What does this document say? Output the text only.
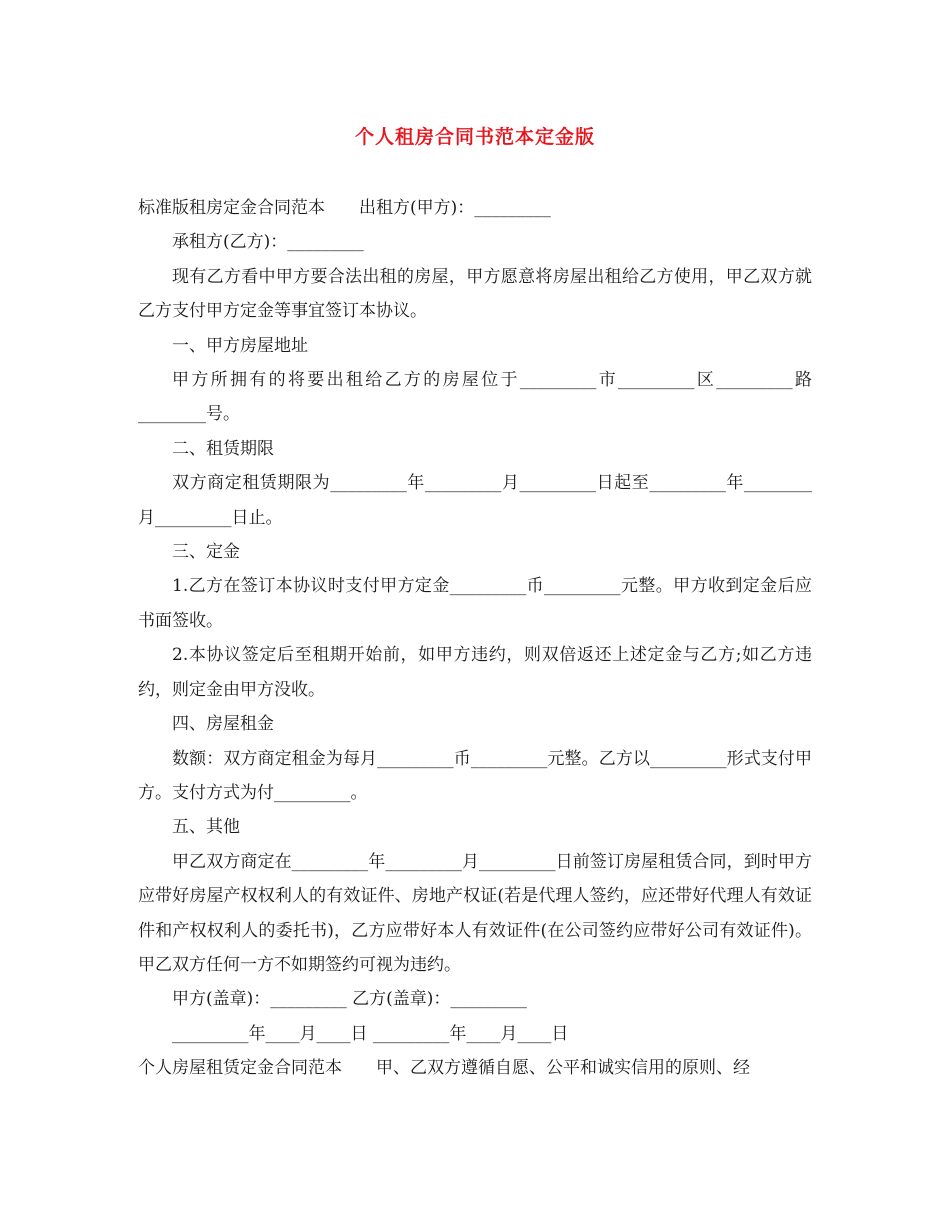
个人租房合同书范本定金版

标准版租房定金合同范本　　出租方(甲方)：_________

承租方(乙方)：_________

现有乙方看中甲方要合法出租的房屋，甲方愿意将房屋出租给乙方使用，甲乙双方就乙方支付甲方定金等事宜签订本协议。

一、甲方房屋地址

甲方所拥有的将要出租给乙方的房屋位于_________市_________区_________路________号。

二、租赁期限

双方商定租赁期限为_________年_________月_________日起至_________年________月_________日止。

三、定金

1.乙方在签订本协议时支付甲方定金_________币_________元整。甲方收到定金后应书面签收。

2.本协议签定后至租期开始前，如甲方违约，则双倍返还上述定金与乙方;如乙方违约，则定金由甲方没收。

四、房屋租金

数额：双方商定租金为每月_________币_________元整。乙方以_________形式支付甲方。支付方式为付_________。

五、其他

甲乙双方商定在_________年_________月_________日前签订房屋租赁合同，到时甲方应带好房屋产权权利人的有效证件、房地产权证(若是代理人签约，应还带好代理人有效证件和产权权利人的委托书)，乙方应带好本人有效证件(在公司签约应带好公司有效证件)。甲乙双方任何一方不如期签约可视为违约。

甲方(盖章)：_________ 乙方(盖章)：_________

_________年____月____日 _________年____月____日

个人房屋租赁定金合同范本　　甲、乙双方遵循自愿、公平和诚实信用的原则、经
